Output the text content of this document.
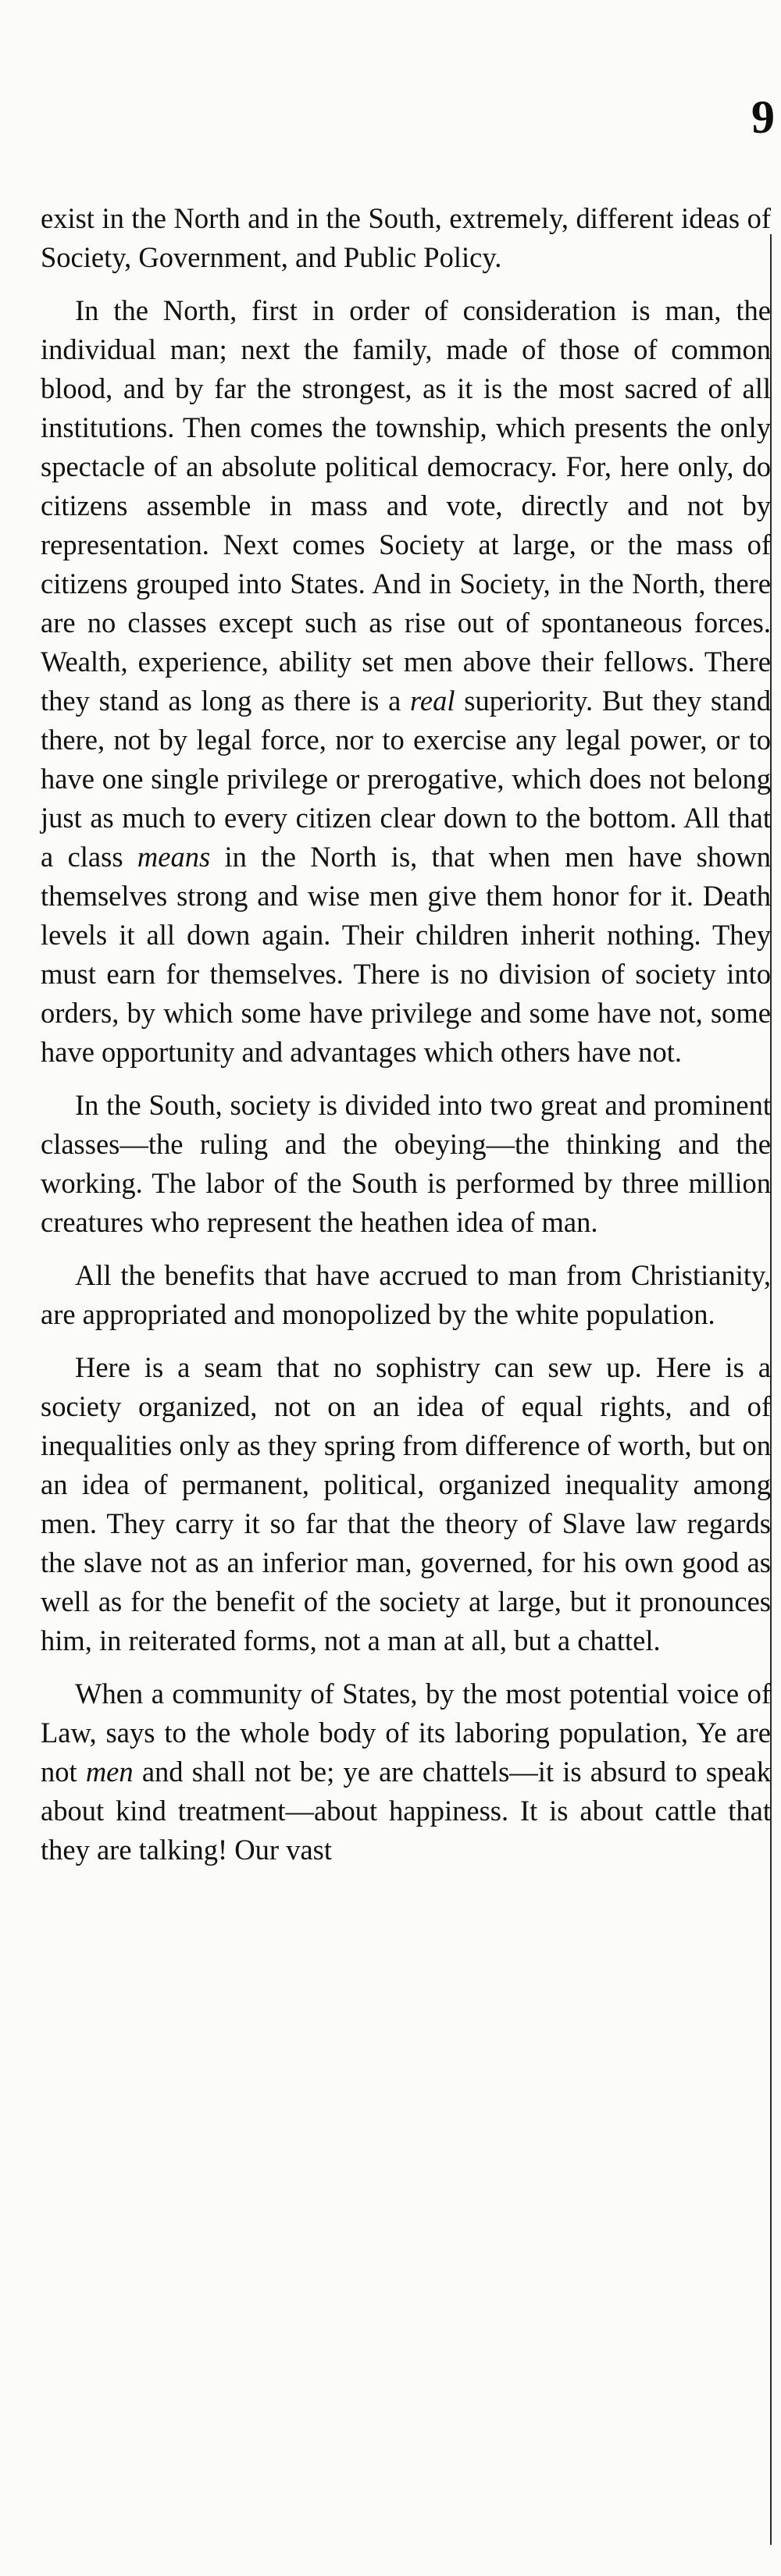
9

exist in the North and in the South, extremely, different ideas of Society, Government, and Public Policy.

In the North, first in order of consideration is man, the individual man; next the family, made of those of common blood, and by far the strongest, as it is the most sacred of all institutions. Then comes the township, which presents the only spectacle of an absolute political democracy. For, here only, do citizens assemble in mass and vote, directly and not by representation. Next comes Society at large, or the mass of citizens grouped into States. And in Society, in the North, there are no classes except such as rise out of spontaneous forces. Wealth, experience, ability set men above their fellows. There they stand as long as there is a real superiority. But they stand there, not by legal force, nor to exercise any legal power, or to have one single privilege or prerogative, which does not belong just as much to every citizen clear down to the bottom. All that a class means in the North is, that when men have shown themselves strong and wise men give them honor for it. Death levels it all down again. Their children inherit nothing. They must earn for themselves. There is no division of society into orders, by which some have privilege and some have not, some have opportunity and advantages which others have not.

In the South, society is divided into two great and prominent classes—the ruling and the obeying—the thinking and the working. The labor of the South is performed by three million creatures who represent the heathen idea of man.

All the benefits that have accrued to man from Christianity, are appropriated and monopolized by the white population.

Here is a seam that no sophistry can sew up. Here is a society organized, not on an idea of equal rights, and of inequalities only as they spring from difference of worth, but on an idea of permanent, political, organized inequality among men. They carry it so far that the theory of Slave law regards the slave not as an inferior man, governed, for his own good as well as for the benefit of the society at large, but it pronounces him, in reiterated forms, not a man at all, but a chattel.

When a community of States, by the most potential voice of Law, says to the whole body of its laboring population, Ye are not men and shall not be; ye are chattels—it is absurd to speak about kind treatment—about happiness. It is about cattle that they are talking! Our vast
